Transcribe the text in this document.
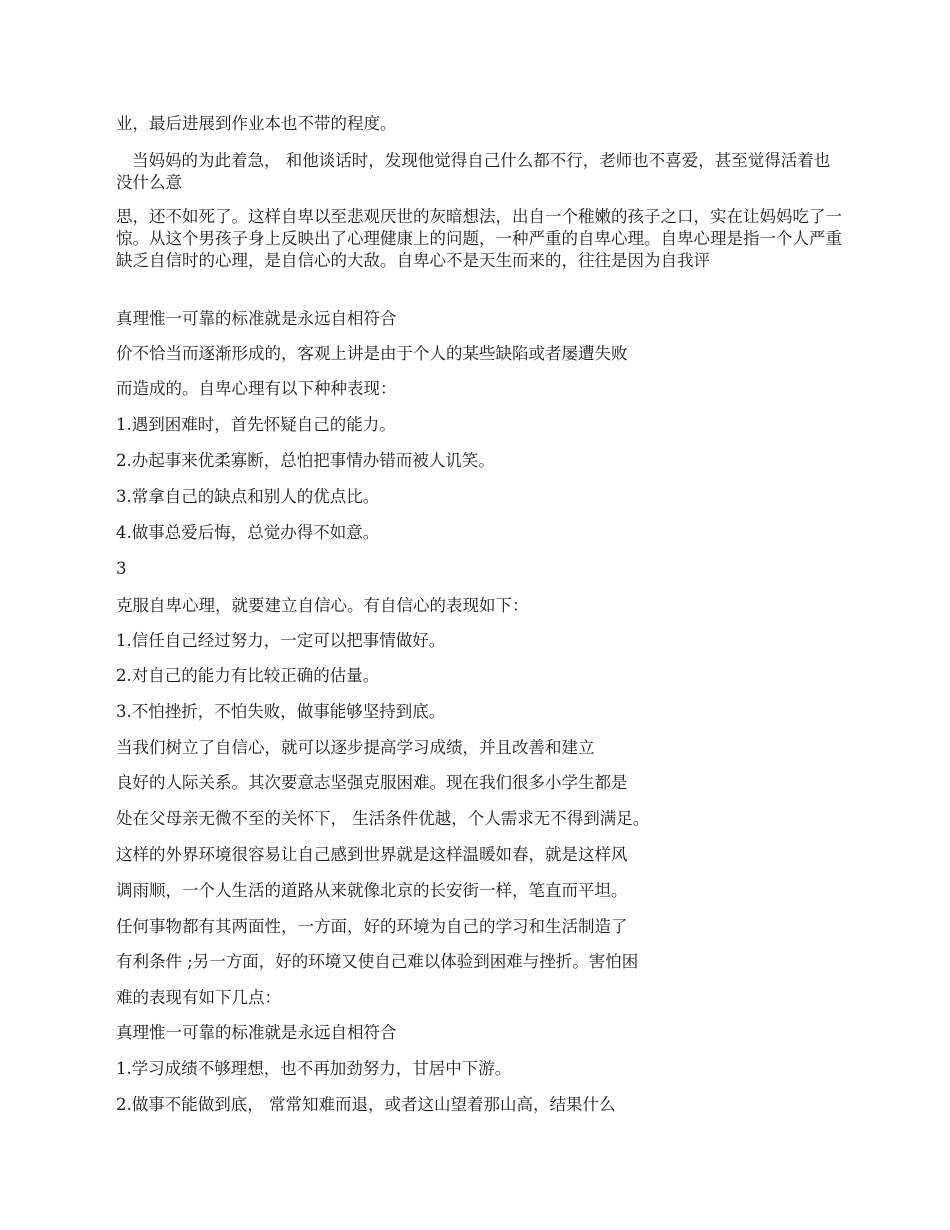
业，最后进展到作业本也不带的程度。

当妈妈的为此着急， 和他谈话时，发现他觉得自己什么都不行，老师也不喜爱，甚至觉得活着也没什么意

思，还不如死了。这样自卑以至悲观厌世的灰暗想法，出自一个稚嫩的孩子之口，实在让妈妈吃了一惊。从这个男孩子身上反映出了心理健康上的问题，一种严重的自卑心理。自卑心理是指一个人严重缺乏自信时的心理，是自信心的大敌。自卑心不是天生而来的，往往是因为自我评

真理惟一可靠的标准就是永远自相符合

价不恰当而逐渐形成的，客观上讲是由于个人的某些缺陷或者屡遭失败

而造成的。自卑心理有以下种种表现：

1.遇到困难时，首先怀疑自己的能力。

2.办起事来优柔寡断，总怕把事情办错而被人讥笑。

3.常拿自己的缺点和别人的优点比。

4.做事总爱后悔，总觉办得不如意。

3

克服自卑心理，就要建立自信心。有自信心的表现如下：

1.信任自己经过努力，一定可以把事情做好。

2.对自己的能力有比较正确的估量。

3.不怕挫折，不怕失败，做事能够坚持到底。

当我们树立了自信心，就可以逐步提高学习成绩，并且改善和建立

良好的人际关系。其次要意志坚强克服困难。现在我们很多小学生都是

处在父母亲无微不至的关怀下， 生活条件优越，个人需求无不得到满足。

这样的外界环境很容易让自己感到世界就是这样温暖如春，就是这样风

调雨顺，一个人生活的道路从来就像北京的长安街一样，笔直而平坦。

任何事物都有其两面性，一方面，好的环境为自己的学习和生活制造了

有利条件 ;另一方面，好的环境又使自己难以体验到困难与挫折。害怕困

难的表现有如下几点：

真理惟一可靠的标准就是永远自相符合

1.学习成绩不够理想，也不再加劲努力，甘居中下游。

2.做事不能做到底， 常常知难而退，或者这山望着那山高，结果什么
